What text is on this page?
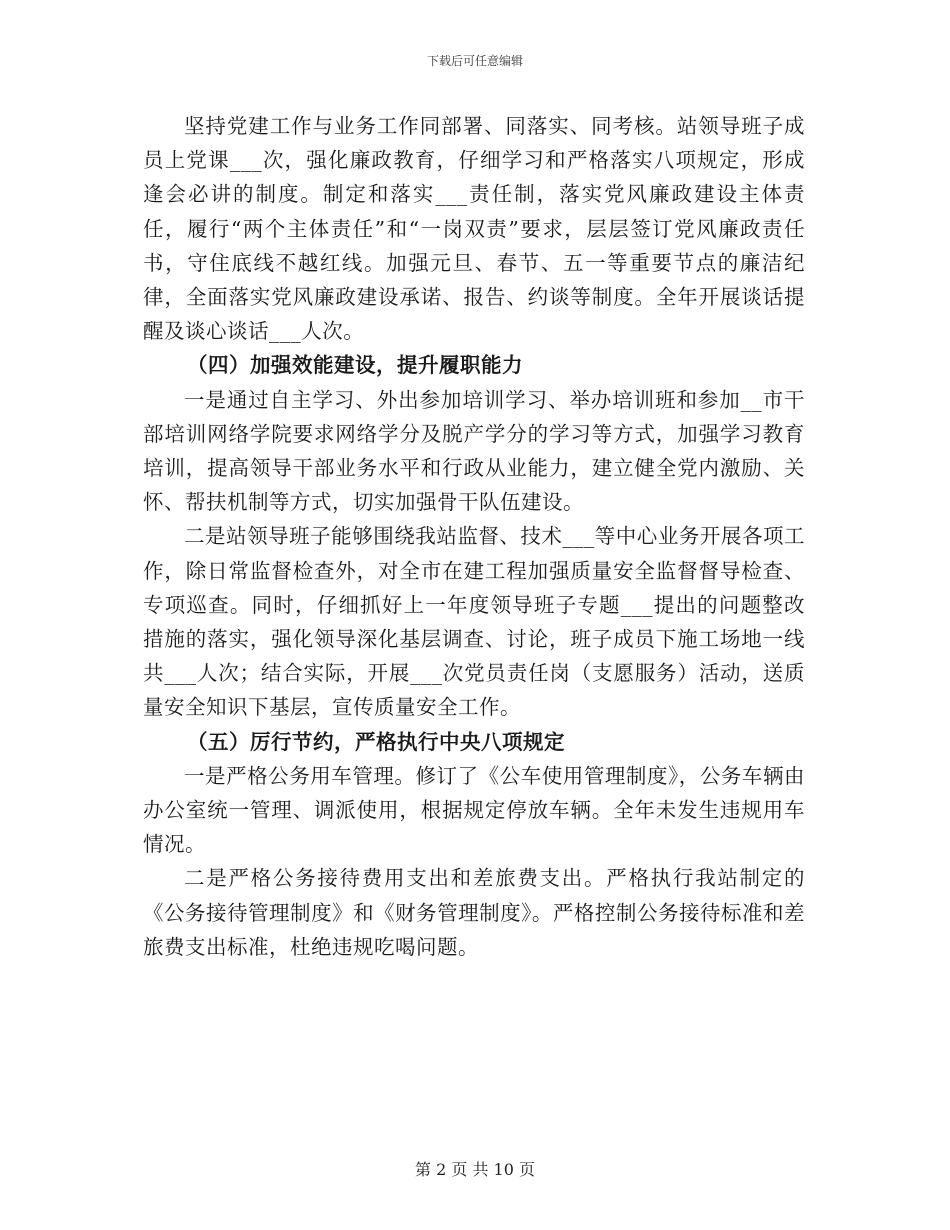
下载后可任意编辑

坚持党建工作与业务工作同部署、同落实、同考核。站领导班子成员上党课___次，强化廉政教育，仔细学习和严格落实八项规定，形成逢会必讲的制度。制定和落实___责任制，落实党风廉政建设主体责任，履行“两个主体责任”和“一岗双责”要求，层层签订党风廉政责任书，守住底线不越红线。加强元旦、春节、五一等重要节点的廉洁纪律，全面落实党风廉政建设承诺、报告、约谈等制度。全年开展谈话提醒及谈心谈话___人次。

（四）加强效能建设，提升履职能力

一是通过自主学习、外出参加培训学习、举办培训班和参加__市干部培训网络学院要求网络学分及脱产学分的学习等方式，加强学习教育培训，提高领导干部业务水平和行政从业能力，建立健全党内激励、关怀、帮扶机制等方式，切实加强骨干队伍建设。

二是站领导班子能够围绕我站监督、技术___等中心业务开展各项工作，除日常监督检查外，对全市在建工程加强质量安全监督督导检查、专项巡查。同时，仔细抓好上一年度领导班子专题___提出的问题整改措施的落实，强化领导深化基层调查、讨论，班子成员下施工场地一线共___人次；结合实际，开展___次党员责任岗（支愿服务）活动，送质量安全知识下基层，宣传质量安全工作。

（五）厉行节约，严格执行中央八项规定

一是严格公务用车管理。修订了《公车使用管理制度》，公务车辆由办公室统一管理、调派使用，根据规定停放车辆。全年未发生违规用车情况。

二是严格公务接待费用支出和差旅费支出。严格执行我站制定的《公务接待管理制度》和《财务管理制度》。严格控制公务接待标准和差旅费支出标准，杜绝违规吃喝问题。

第 2 页 共 10 页
